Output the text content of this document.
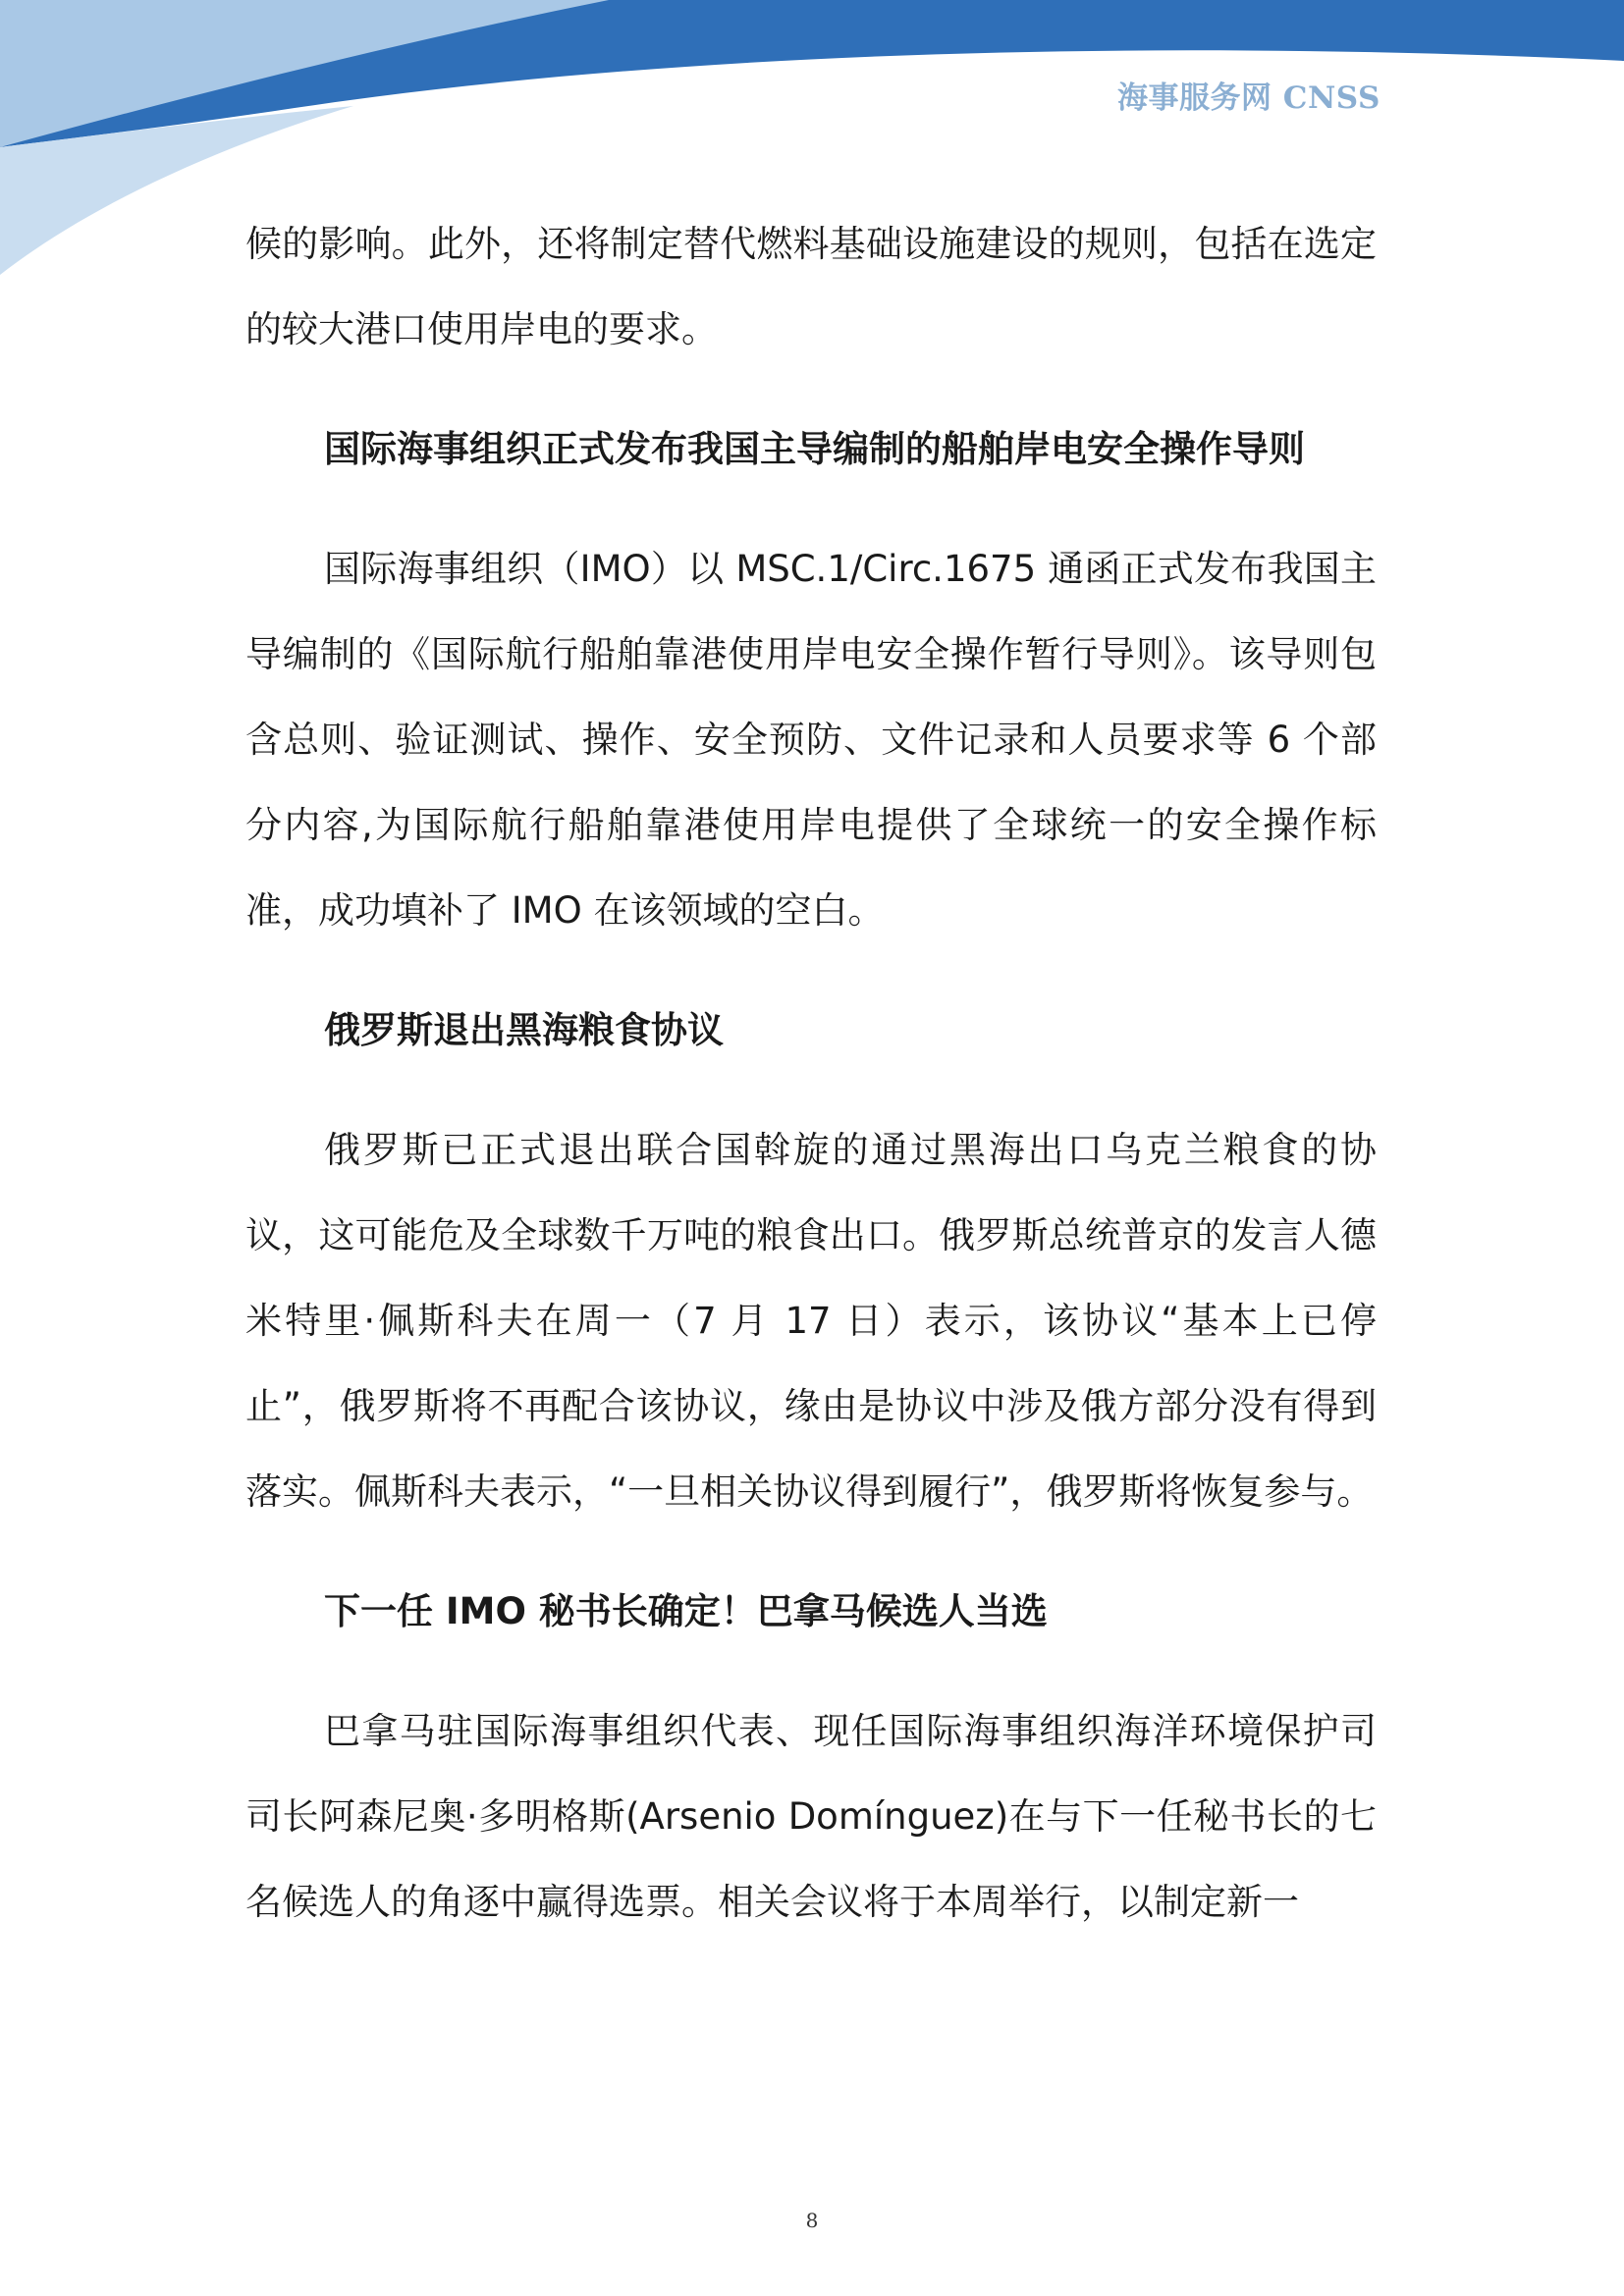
海事服务网 CNSS

候的影响。此外，还将制定替代燃料基础设施建设的规则，包括在选定的较大港口使用岸电的要求。

国际海事组织正式发布我国主导编制的船舶岸电安全操作导则

国际海事组织（IMO）以 MSC.1/Circ.1675 通函正式发布我国主导编制的《国际航行船舶靠港使用岸电安全操作暂行导则》。该导则包含总则、验证测试、操作、安全预防、文件记录和人员要求等 6 个部分内容,为国际航行船舶靠港使用岸电提供了全球统一的安全操作标准，成功填补了 IMO 在该领域的空白。

俄罗斯退出黑海粮食协议

俄罗斯已正式退出联合国斡旋的通过黑海出口乌克兰粮食的协议，这可能危及全球数千万吨的粮食出口。俄罗斯总统普京的发言人德米特里·佩斯科夫在周一（7 月 17 日）表示，该协议“基本上已停止”，俄罗斯将不再配合该协议，缘由是协议中涉及俄方部分没有得到落实。佩斯科夫表示，“一旦相关协议得到履行”，俄罗斯将恢复参与。

下一任 IMO 秘书长确定！巴拿马候选人当选

巴拿马驻国际海事组织代表、现任国际海事组织海洋环境保护司司长阿森尼奥·多明格斯(Arsenio Domínguez)在与下一任秘书长的七名候选人的角逐中赢得选票。相关会议将于本周举行，以制定新一

8
